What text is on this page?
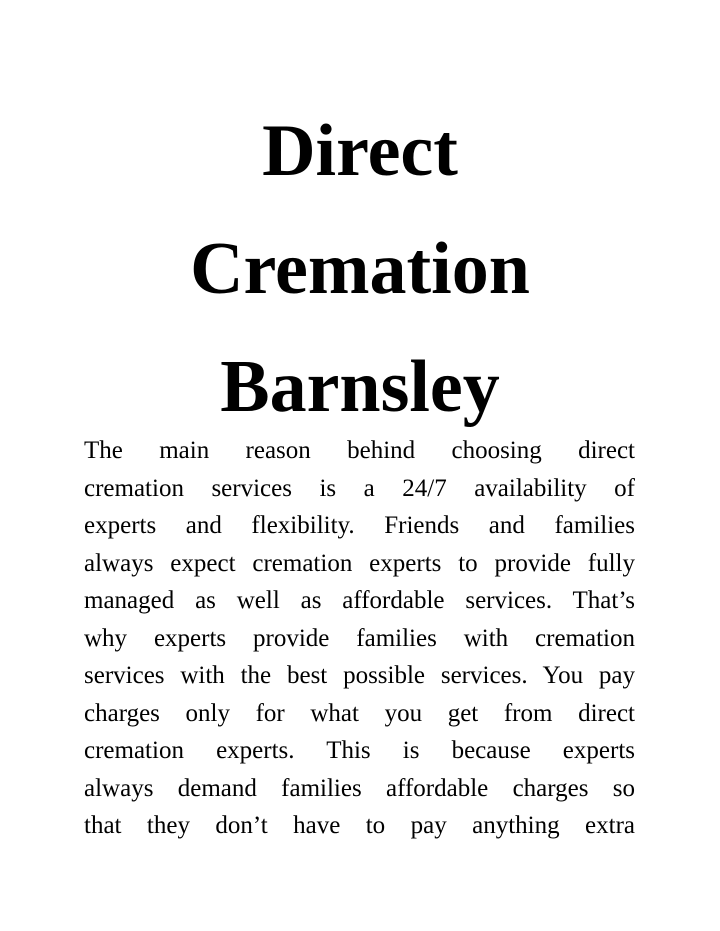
Direct
Cremation
Barnsley
The main reason behind choosing direct
cremation services is a 24/7 availability of
experts and flexibility. Friends and families
always expect cremation experts to provide fully
managed as well as affordable services. That’s
why experts provide families with cremation
services with the best possible services. You pay
charges only for what you get from direct
cremation experts. This is because experts
always demand families affordable charges so
that they don’t have to pay anything extra
